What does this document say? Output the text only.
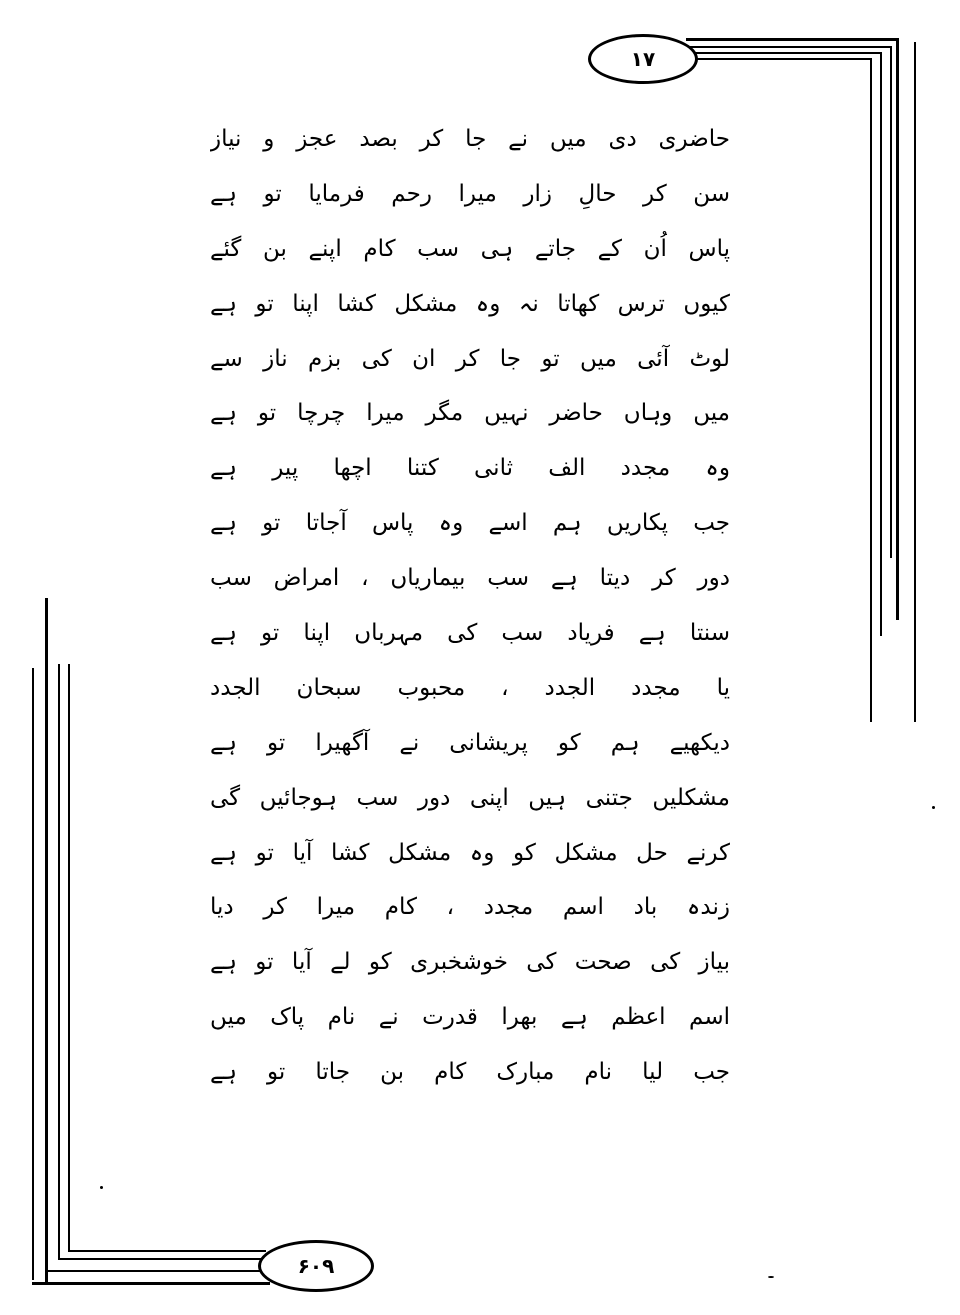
۱۷
۶۰۹
حاضری دی میں نے جا کر بصد عجز و نیاز
سن کر حالِ زار میرا رحم فرمایا تو ہے
پاس اُن کے جاتے ہی سب کام اپنے بن گئے
کیوں ترس کھاتا نہ وہ مشکل کشا اپنا تو ہے
لوٹ آئی میں تو جا کر ان کی بزم ناز سے
میں وہاں حاضر نہیں مگر میرا چرچا تو ہے
وہ مجدد الف ثانی کتنا اچھا پیر ہے
جب پکاریں ہم اسے وہ پاس آجاتا تو ہے
دور کر دیتا ہے سب بیماریاں ، امراض سب
سنتا ہے فریاد سب کی مہرباں اپنا تو ہے
یا مجدد الجدد ، محبوب سبحان الجدد
دیکھیے ہم کو پریشانی نے آگھیرا تو ہے
مشکلیں جتنی ہیں اپنی دور سب ہوجائیں گی
کرنے حل مشکل کو وہ مشکل کشا آیا تو ہے
زندہ باد اسم مجدد ، کام میرا کر دیا
بیاز کی صحت کی خوشخبری کو لے آیا تو ہے
اسم اعظم ہے بھرا قدرت نے نام پاک میں
جب لیا نام مبارک کام بن جاتا تو ہے
